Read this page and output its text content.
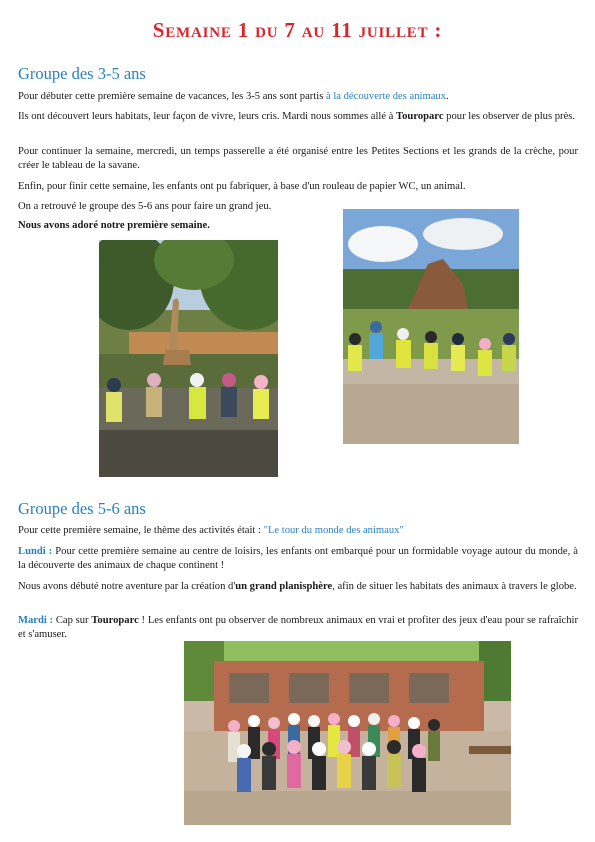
Semaine 1 du 7 au 11 juillet :
Groupe des 3-5 ans

Pour débuter cette première semaine de vacances, les 3-5 ans sont partis à la découverte des animaux.

Ils ont découvert leurs habitats, leur façon de vivre, leurs cris. Mardi nous sommes allé à Touroparc pour les observer de plus près.

Pour continuer la semaine, mercredi, un temps passerelle a été organisé entre les Petites Sections et les grands de la crèche, pour créer le tableau de la savane.

Enfin, pour finir cette semaine, les enfants ont pu fabriquer, à base d'un rouleau de papier WC, un animal.

On a retrouvé le groupe des 5-6 ans pour faire un grand jeu.

Nous avons adoré notre première semaine.

Groupe des 5-6 ans

Pour cette première semaine, le thème des activités était : "Le tour du monde des animaux"

Lundi : Pour cette première semaine au centre de loisirs, les enfants ont embarqué pour un formidable voyage autour du monde, à la découverte des animaux de chaque continent !

Nous avons débuté notre aventure par la création d'un grand planisphère, afin de situer les habitats des animaux à travers le globe.

Mardi : Cap sur Touroparc ! Les enfants ont pu observer de nombreux animaux en vrai et profiter des jeux d'eau pour se rafraîchir et s'amuser.
